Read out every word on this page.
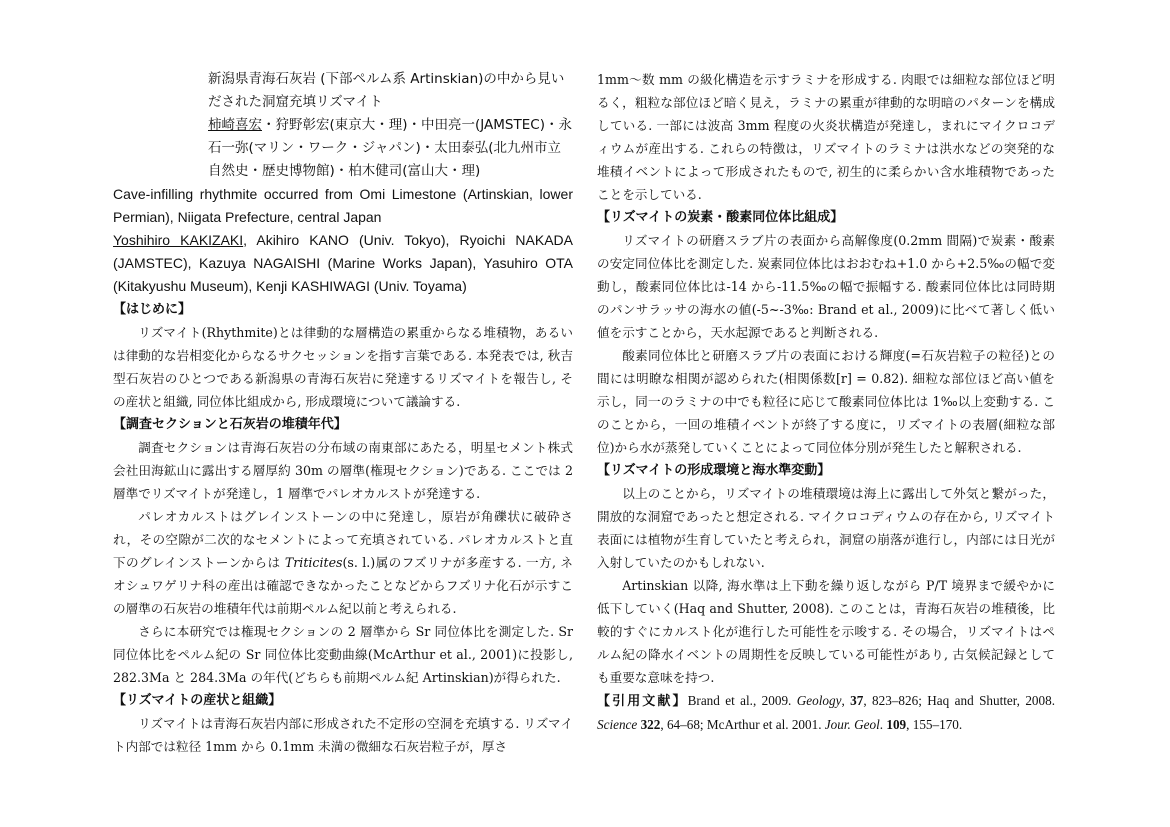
新潟県青海石灰岩 (下部ペルム系 Artinskian)の中から見いだされた洞窟充填リズマイト
柿崎喜宏・狩野彰宏(東京大・理)・中田亮一(JAMSTEC)・永石一弥(マリン・ワーク・ジャパン)・太田泰弘(北九州市立自然史・歴史博物館)・柏木健司(富山大・理)

Cave-infilling rhythmite occurred from Omi Limestone (Artinskian, lower Permian), Niigata Prefecture, central Japan

Yoshihiro KAKIZAKI, Akihiro KANO (Univ. Tokyo), Ryoichi NAKADA (JAMSTEC), Kazuya NAGAISHI (Marine Works Japan), Yasuhiro OTA (Kitakyushu Museum), Kenji KASHIWAGI (Univ. Toyama)

【はじめに】

リズマイト(Rhythmite)とは律動的な層構造の累重からなる堆積物，あるいは律動的な岩相変化からなるサクセッションを指す言葉である. 本発表では, 秋吉型石灰岩のひとつである新潟県の青海石灰岩に発達するリズマイトを報告し, その産状と組織, 同位体比組成から, 形成環境について議論する.

【調査セクションと石灰岩の堆積年代】

調査セクションは青海石灰岩の分布域の南東部にあたる，明星セメント株式会社田海鉱山に露出する層厚約 30m の層準(権現セクション)である. ここでは 2 層準でリズマイトが発達し，1 層準でパレオカルストが発達する.

パレオカルストはグレインストーンの中に発達し，原岩が角礫状に破砕され，その空隙が二次的なセメントによって充填されている. パレオカルストと直下のグレインストーンからは Triticites(s. l.)属のフズリナが多産する. 一方, ネオシュワゲリナ科の産出は確認できなかったことなどからフズリナ化石が示すこの層準の石灰岩の堆積年代は前期ペルム紀以前と考えられる.

さらに本研究では権現セクションの 2 層準から Sr 同位体比を測定した. Sr 同位体比をペルム紀の Sr 同位体比変動曲線(McArthur et al., 2001)に投影し, 282.3Ma と 284.3Ma の年代(どちらも前期ペルム紀 Artinskian)が得られた.

【リズマイトの産状と組織】

リズマイトは青海石灰岩内部に形成された不定形の空洞を充填する. リズマイト内部では粒径 1mm から 0.1mm 未満の微細な石灰岩粒子が，厚さ

1mm～数 mm の級化構造を示すラミナを形成する. 肉眼では細粒な部位ほど明るく，粗粒な部位ほど暗く見え，ラミナの累重が律動的な明暗のパターンを構成している. 一部には波高 3mm 程度の火炎状構造が発達し，まれにマイクロコディウムが産出する. これらの特徴は，リズマイトのラミナは洪水などの突発的な堆積イベントによって形成されたもので, 初生的に柔らかい含水堆積物であったことを示している.

【リズマイトの炭素・酸素同位体比組成】

リズマイトの研磨スラブ片の表面から高解像度(0.2mm 間隔)で炭素・酸素の安定同位体比を測定した. 炭素同位体比はおおむね+1.0 から+2.5‰の幅で変動し，酸素同位体比は-14 から-11.5‰の幅で振幅する. 酸素同位体比は同時期のパンサラッサの海水の値(-5~-3‰: Brand et al., 2009)に比べて著しく低い値を示すことから，天水起源であると判断される.

酸素同位体比と研磨スラブ片の表面における輝度(=石灰岩粒子の粒径)との間には明瞭な相関が認められた(相関係数[r] = 0.82). 細粒な部位ほど高い値を示し，同一のラミナの中でも粒径に応じて酸素同位体比は 1‰以上変動する. このことから，一回の堆積イベントが終了する度に，リズマイトの表層(細粒な部位)から水が蒸発していくことによって同位体分別が発生したと解釈される.

【リズマイトの形成環境と海水準変動】

以上のことから，リズマイトの堆積環境は海上に露出して外気と繋がった，開放的な洞窟であったと想定される. マイクロコディウムの存在から, リズマイト表面には植物が生育していたと考えられ，洞窟の崩落が進行し，内部には日光が入射していたのかもしれない.

Artinskian 以降, 海水準は上下動を繰り返しながら P/T 境界まで緩やかに低下していく(Haq and Shutter, 2008). このことは，青海石灰岩の堆積後，比較的すぐにカルスト化が進行した可能性を示唆する. その場合，リズマイトはペルム紀の降水イベントの周期性を反映している可能性があり, 古気候記録としても重要な意味を持つ.

【引用文献】Brand et al., 2009. Geology, 37, 823–826; Haq and Shutter, 2008. Science 322, 64–68; McArthur et al. 2001. Jour. Geol. 109, 155–170.
